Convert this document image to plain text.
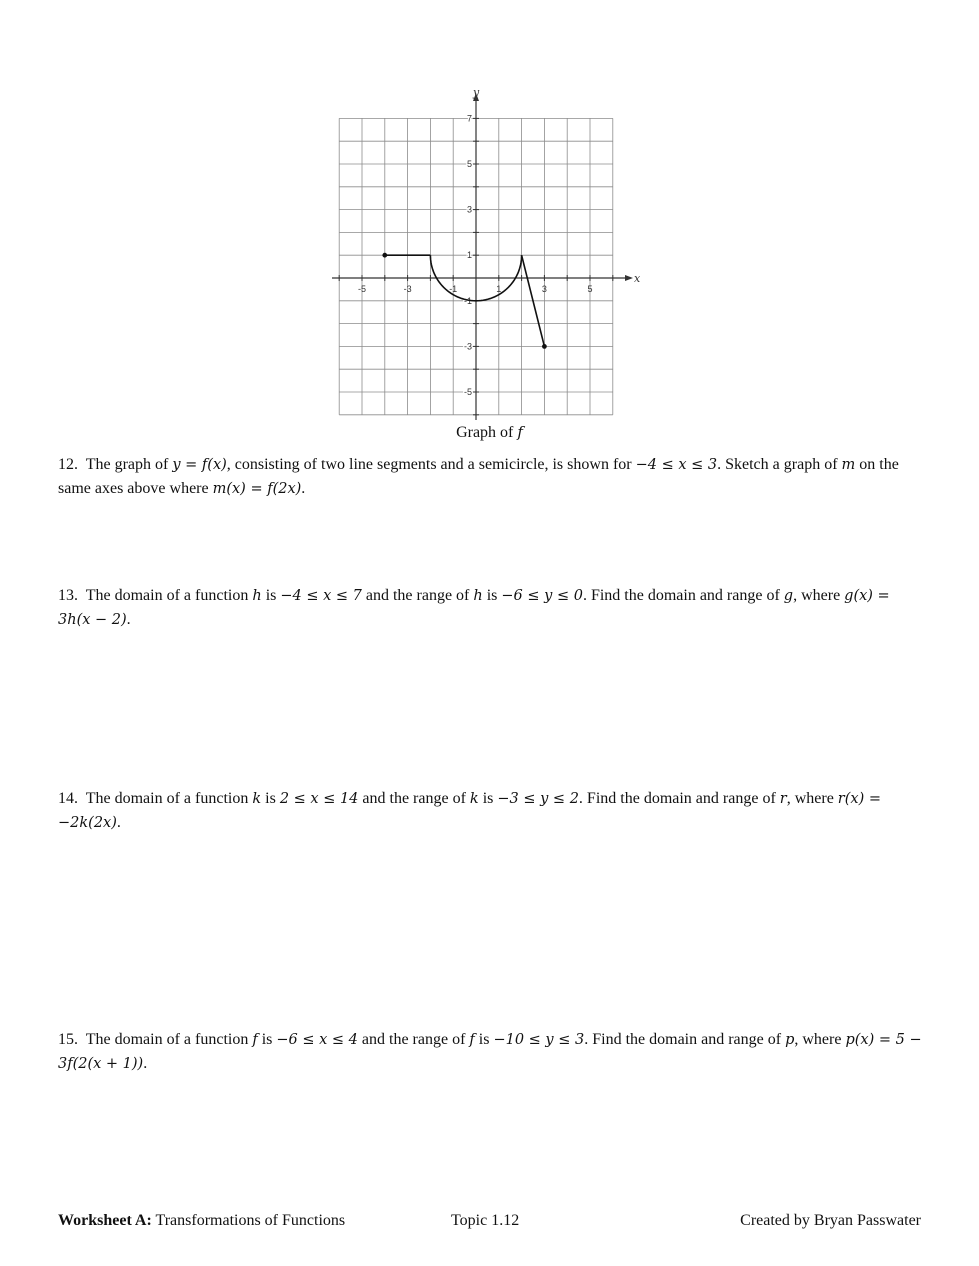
x
y
-5	-3	-1	1	3	5
7
5
3
1
-1
-3
-5
Graph of f
12. The graph of y = f(x), consisting of two line segments and a semicircle, is shown for −4 ≤ x ≤ 3. Sketch a graph of m on the same axes above where m(x) = f(2x).
13. The domain of a function h is −4 ≤ x ≤ 7 and the range of h is −6 ≤ y ≤ 0. Find the domain and range of g, where g(x) = 3h(x − 2).
14. The domain of a function k is 2 ≤ x ≤ 14 and the range of k is −3 ≤ y ≤ 2. Find the domain and range of r, where r(x) = −2k(2x).
15. The domain of a function f is −6 ≤ x ≤ 4 and the range of f is −10 ≤ y ≤ 3. Find the domain and range of p, where p(x) = 5 − 3f(2(x + 1)).
Worksheet A: Transformations of Functions	Topic 1.12	Created by Bryan Passwater
